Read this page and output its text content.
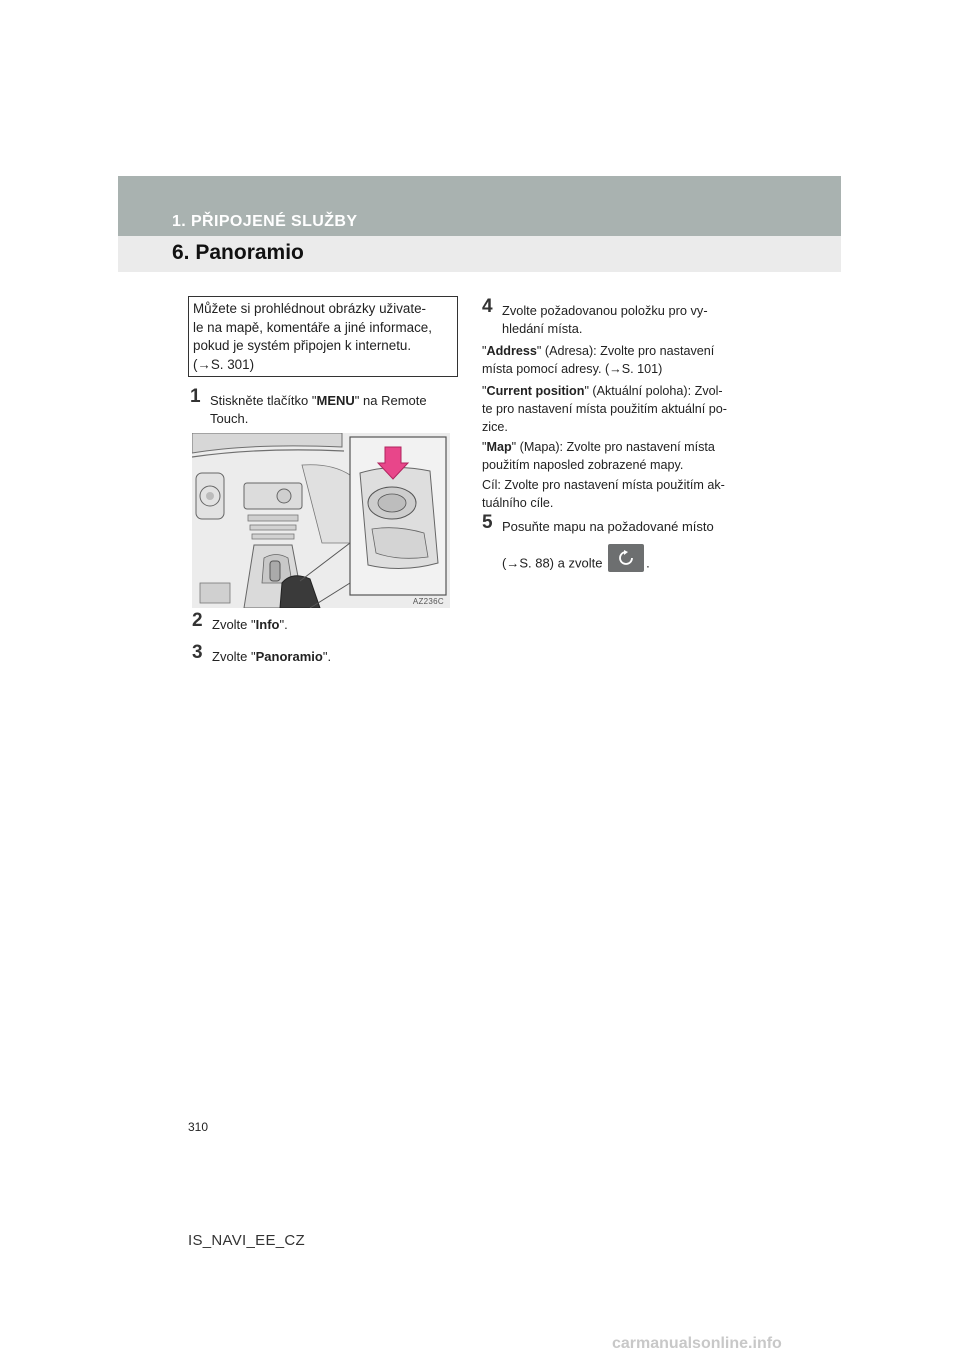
1. PŘIPOJENÉ SLUŽBY
6. Panoramio
Můžete si prohlédnout obrázky uživate-
le na mapě, komentáře a jiné informace,
pokud je systém připojen k internetu.
(→S. 301)
1 Stiskněte tlačítko "MENU" na Remote
Touch.
AZ236C
2 Zvolte "Info".
3 Zvolte "Panoramio".
4 Zvolte požadovanou položku pro vy-
hledání místa.
"Address" (Adresa): Zvolte pro nastavení
místa pomocí adresy. (→S. 101)
"Current position" (Aktuální poloha): Zvol-
te pro nastavení místa použitím aktuální po-
zice.
"Map" (Mapa): Zvolte pro nastavení místa
použitím naposled zobrazené mapy.
Cíl: Zvolte pro nastavení místa použitím ak-
tuálního cíle.
5 Posuňte mapu na požadované místo
(→S. 88) a zvolte	.
310
IS_NAVI_EE_CZ
carmanualsonline.info
